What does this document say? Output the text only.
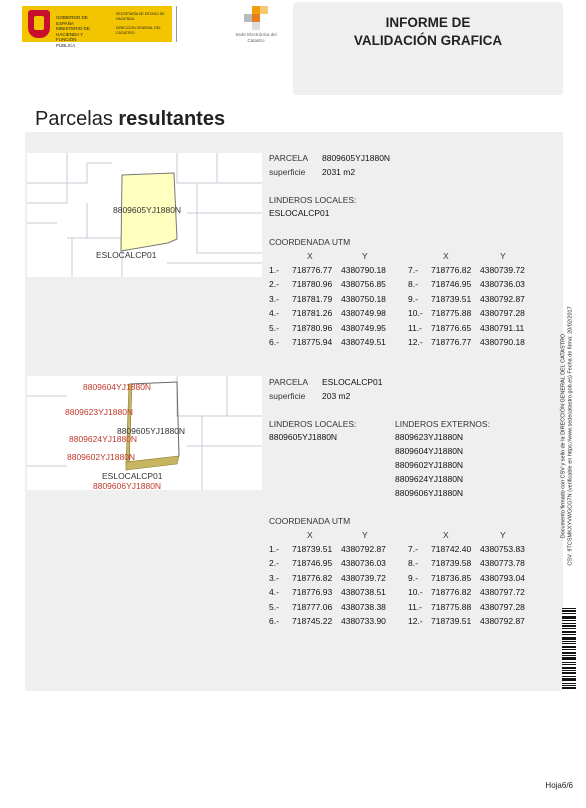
GOBIERNO DE ESPAÑA
MINISTERIO DE HACIENDA Y FUNCIÓN PÚBLICA
SECRETARÍA DE ESTADO DE HACIENDA
DIRECCIÓN GENERAL DEL CATASTRO	Sede Electrónica del Catastro
INFORME DE
VALIDACIÓN GRAFICA
Parcelas resultantes
8809605YJ1880N
ESLOCALCP01
PARCELA 8809605YJ1880N
superficie 2031 m2
LINDEROS LOCALES:
ESLOCALCP01
COORDENADA UTM
X	Y	X	Y
1.- 718776.77 4380790.18
2.- 718780.96 4380756.85
3.- 718781.79 4380750.18
4.- 718781.26 4380749.98
5.- 718780.96 4380749.95
6.- 718775.94 4380749.51
7.- 718776.82 4380739.72
8.- 718746.95 4380736.03
9.- 718739.51 4380792.87
10.- 718775.88 4380797.28
11.- 718776.65 4380791.11
12.- 718776.77 4380790.18
8809604YJ1880N
8809623YJ1880N
8809605YJ1880N
8809624YJ1880N
8809602YJ1880N
ESLOCALCP01
8809606YJ1880N
PARCELA ESLOCALCP01
superficie 203 m2
LINDEROS LOCALES:
8809605YJ1880N
LINDEROS EXTERNOS:
8809623YJ1880N
8809604YJ1880N
8809602YJ1880N
8809624YJ1880N
8809606YJ1880N
COORDENADA UTM
X	Y	X	Y
1.- 718739.51 4380792.87
2.- 718746.95 4380736.03
3.- 718776.82 4380739.72
4.- 718776.93 4380738.51
5.- 718777.06 4380738.38
6.- 718745.22 4380733.90
7.- 718742.40 4380753.83
8.- 718739.58 4380773.78
9.- 718736.85 4380793.04
10.- 718776.82 4380797.72
11.- 718775.88 4380797.28
12.- 718739.51 4380792.87
Documento firmado con CSV y sello de la DIRECCIÓN GENERAL DEL CATASTRO CSV: 9TCSMKXYVWGCG7N (verificable en https://www.sedecatastro.gob.es) Fecha de firma: 20/02/2017
Hoja6/6
